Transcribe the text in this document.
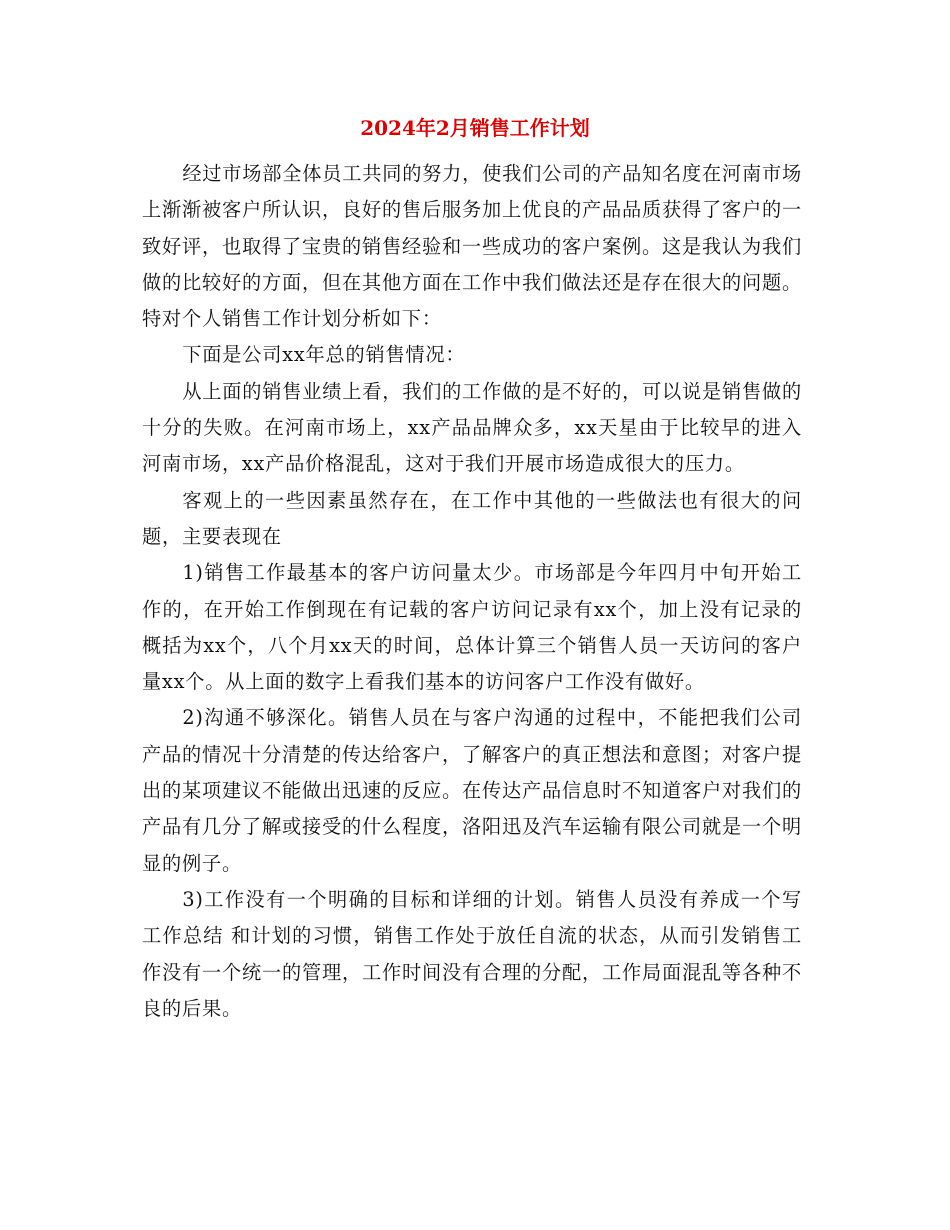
2024年2月销售工作计划

经过市场部全体员工共同的努力，使我们公司的产品知名度在河南市场上渐渐被客户所认识，良好的售后服务加上优良的产品品质获得了客户的一致好评，也取得了宝贵的销售经验和一些成功的客户案例。这是我认为我们做的比较好的方面，但在其他方面在工作中我们做法还是存在很大的问题。特对个人销售工作计划分析如下：

下面是公司xx年总的销售情况：

从上面的销售业绩上看，我们的工作做的是不好的，可以说是销售做的十分的失败。在河南市场上，xx产品品牌众多，xx天星由于比较早的进入河南市场，xx产品价格混乱，这对于我们开展市场造成很大的压力。

客观上的一些因素虽然存在，在工作中其他的一些做法也有很大的问题，主要表现在

1)销售工作最基本的客户访问量太少。市场部是今年四月中旬开始工作的，在开始工作倒现在有记载的客户访问记录有xx个，加上没有记录的概括为xx个，八个月xx天的时间，总体计算三个销售人员一天访问的客户量xx个。从上面的数字上看我们基本的访问客户工作没有做好。

2)沟通不够深化。销售人员在与客户沟通的过程中，不能把我们公司产品的情况十分清楚的传达给客户，了解客户的真正想法和意图；对客户提出的某项建议不能做出迅速的反应。在传达产品信息时不知道客户对我们的产品有几分了解或接受的什么程度，洛阳迅及汽车运输有限公司就是一个明显的例子。

3)工作没有一个明确的目标和详细的计划。销售人员没有养成一个写 工作总结 和计划的习惯，销售工作处于放任自流的状态，从而引发销售工作没有一个统一的管理，工作时间没有合理的分配，工作局面混乱等各种不良的后果。
